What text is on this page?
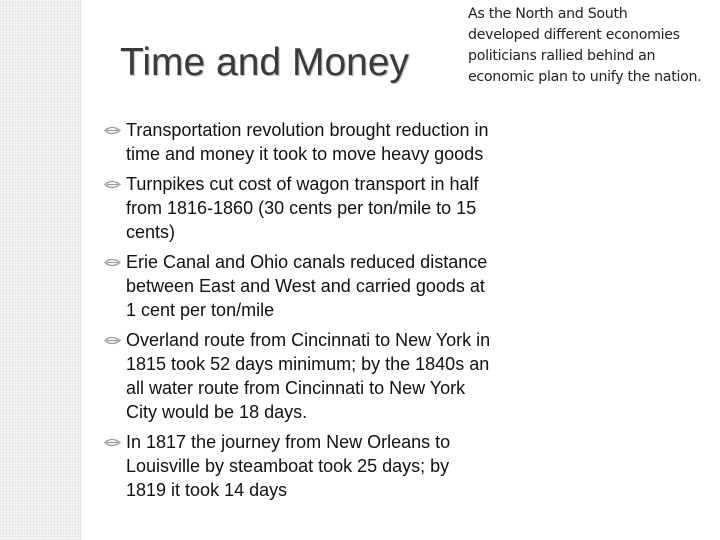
Time and Money
As the North and South
developed different economies
politicians rallied behind an
economic plan to unify the nation.
Transportation revolution brought reduction in time and money it took to move heavy goods
Turnpikes cut cost of wagon transport in half from 1816-1860 (30 cents per ton/mile to 15 cents)
Erie Canal and Ohio canals reduced distance between East and West and carried goods at 1 cent per ton/mile
Overland route from Cincinnati to New York in 1815 took 52 days minimum; by the 1840s an all water route from Cincinnati to New York City would be 18 days.
In 1817 the journey from New Orleans to Louisville by steamboat took 25 days; by 1819 it took 14 days
